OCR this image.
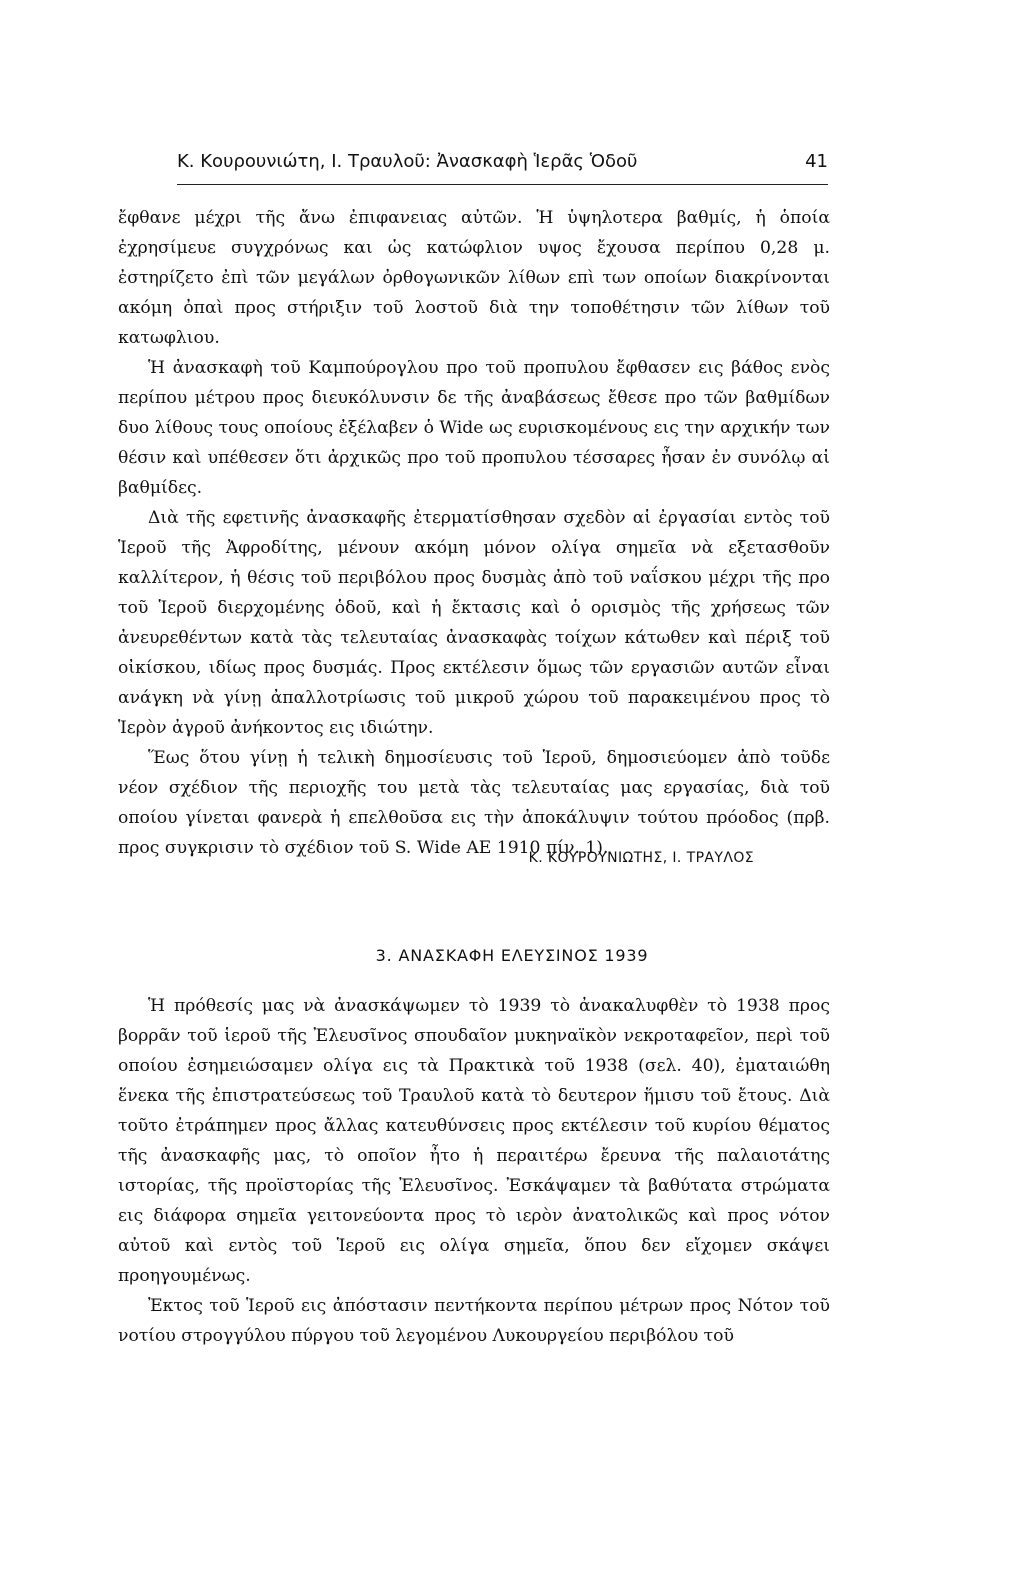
Κ. Κουρουνιώτη, Ι. Τραυλοῦ: Ἀνασκαφὴ Ἱερᾶς Ὁδοῦ	41

ἔφθανε μέχρι τῆς ἄνω ἐπιφανειας αὐτῶν. Ἡ ὑψηλοτερα βαθμίς, ἡ ὁποία ἐχρησίμευε συγχρόνως και ὡς κατώφλιον υψος ἔχουσα περίπου 0,28 μ. ἐστηρίζετο ἐπὶ τῶν μεγάλων ὀρθογωνικῶν λίθων επὶ των οποίων διακρίνονται ακόμη ὀπαὶ προς στήριξιν τοῦ λοστοῦ διὰ την τοποθέτησιν τῶν λίθων τοῦ κατωφλιου.

Ἡ ἀνασκαφὴ τοῦ Καμπούρογλου προ τοῦ προπυλου ἔφθασεν εις βάθος ενὸς περίπου μέτρου προς διευκόλυνσιν δε τῆς ἀναβάσεως ἔθεσε προ τῶν βαθμίδων δυο λίθους τους οποίους ἐξέλαβεν ὁ Wide ως ευρισκομένους εις την αρχικήν των θέσιν καὶ υπέθεσεν ὅτι ἀρχικῶς προ τοῦ προπυλου τέσσαρες ἦσαν ἐν συνόλῳ αἱ βαθμίδες.

Διὰ τῆς εφετινῆς ἀνασκαφῆς ἐτερματίσθησαν σχεδὸν αἱ ἐργασίαι εντὸς τοῦ Ἱεροῦ τῆς Ἀφροδίτης, μένουν ακόμη μόνον ολίγα σημεῖα νὰ εξετασθοῦν καλλίτερον, ἡ θέσις τοῦ περιβόλου προς δυσμὰς ἀπὸ τοῦ ναΐσκου μέχρι τῆς προ τοῦ Ἱεροῦ διερχομένης ὁδοῦ, καὶ ἡ ἔκτασις καὶ ὁ ορισμὸς τῆς χρήσεως τῶν ἀνευρεθέντων κατὰ τὰς τελευταίας ἀνασκαφὰς τοίχων κάτωθεν καὶ πέριξ τοῦ οἰκίσκου, ιδίως προς δυσμάς. Προς εκτέλεσιν ὅμως τῶν εργασιῶν αυτῶν εἶναι ανάγκη νὰ γίνῃ ἀπαλλοτρίωσις τοῦ μικροῦ χώρου τοῦ παρακειμένου προς τὸ Ἱερὸν ἀγροῦ ἀνήκοντος εις ιδιώτην.

Ἕως ὅτου γίνῃ ἡ τελικὴ δημοσίευσις τοῦ Ἱεροῦ, δημοσιεύομεν ἀπὸ τοῦδε νέον σχέδιον τῆς περιοχῆς του μετὰ τὰς τελευταίας μας εργασίας, διὰ τοῦ οποίου γίνεται φανερὰ ἡ επελθοῦσα εις τὴν ἀποκάλυψιν τούτου πρόοδος (πρβ. προς συγκρισιν τὸ σχέδιον τοῦ S. Wide AE 1910 πίν. 1).

Κ. ΚΟΥΡΟΥΝΙΩΤΗΣ, Ι. ΤΡΑΥΛΟΣ
3. ΑΝΑΣΚΑΦΗ ΕΛΕΥΣΙΝΟΣ 1939

Ἡ πρόθεσίς μας νὰ ἀνασκάψωμεν τὸ 1939 τὸ ἀνακαλυφθὲν τὸ 1938 προς βορρᾶν τοῦ ἱεροῦ τῆς Ἐλευσῖνος σπουδαῖον μυκηναϊκὸν νεκροταφεῖον, περὶ τοῦ οποίου ἐσημειώσαμεν ολίγα εις τὰ Πρακτικὰ τοῦ 1938 (σελ. 40), ἐματαιώθη ἕνεκα τῆς ἐπιστρατεύσεως τοῦ Τραυλοῦ κατὰ τὸ δευτερον ἥμισυ τοῦ ἔτους. Διὰ τοῦτο ἐτράπημεν προς ἄλλας κατευθύνσεις προς εκτέλεσιν τοῦ κυρίου θέματος τῆς ἀνασκαφῆς μας, τὸ οποῖον ἦτο ἡ περαιτέρω ἔρευνα τῆς παλαιοτάτης ιστορίας, τῆς προϊστορίας τῆς Ἐλευσῖνος. Ἐσκάψαμεν τὰ βαθύτατα στρώματα εις διάφορα σημεῖα γειτονεύοντα προς τὸ ιερὸν ἀνατολικῶς καὶ προς νότον αὐτοῦ καὶ εντὸς τοῦ Ἱεροῦ εις ολίγα σημεῖα, ὅπου δεν εἴχομεν σκάψει προηγουμένως.

Ἐκτος τοῦ Ἱεροῦ εις ἀπόστασιν πεντήκοντα περίπου μέτρων προς Νότον τοῦ νοτίου στρογγύλου πύργου τοῦ λεγομένου Λυκουργείου περιβόλου τοῦ
